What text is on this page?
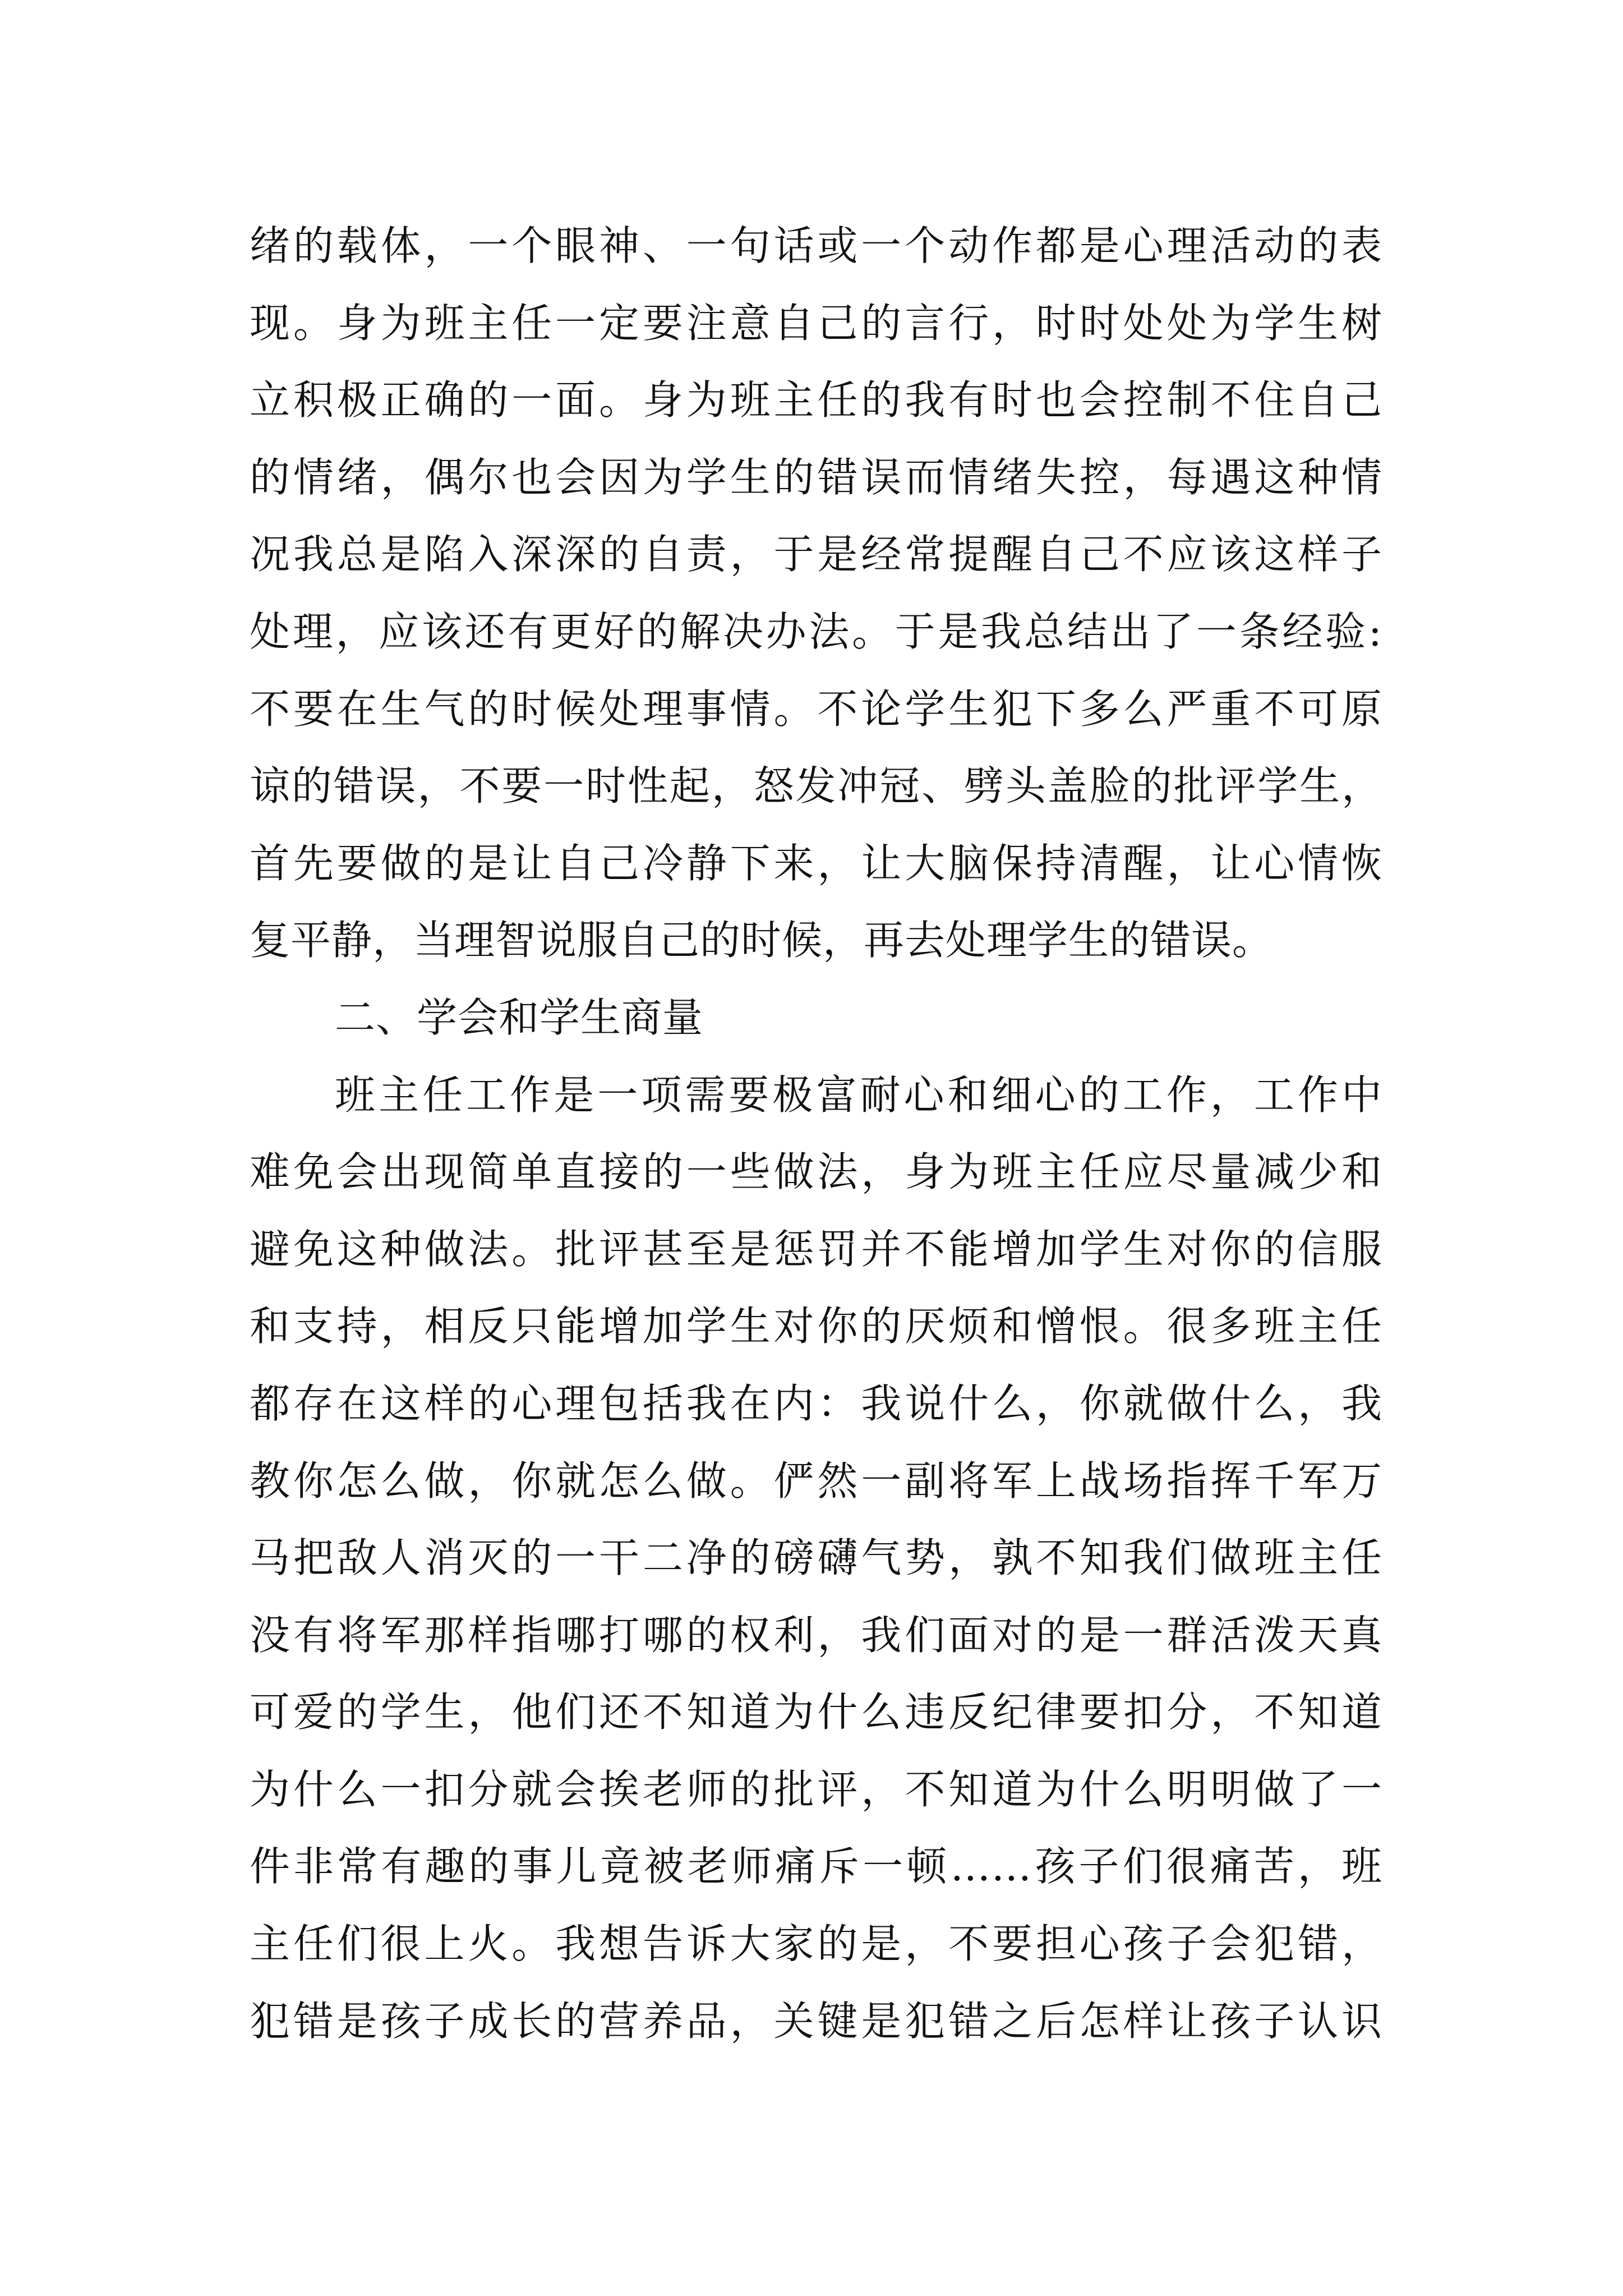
绪的载体，一个眼神、一句话或一个动作都是心理活动的表
现。身为班主任一定要注意自己的言行，时时处处为学生树
立积极正确的一面。身为班主任的我有时也会控制不住自己
的情绪，偶尔也会因为学生的错误而情绪失控，每遇这种情
况我总是陷入深深的自责，于是经常提醒自己不应该这样子
处理，应该还有更好的解决办法。于是我总结出了一条经验:
不要在生气的时候处理事情。不论学生犯下多么严重不可原
谅的错误，不要一时性起，怒发冲冠、劈头盖脸的批评学生，
首先要做的是让自己冷静下来，让大脑保持清醒，让心情恢
复平静，当理智说服自己的时候，再去处理学生的错误。
二、学会和学生商量
班主任工作是一项需要极富耐心和细心的工作，工作中
难免会出现简单直接的一些做法，身为班主任应尽量减少和
避免这种做法。批评甚至是惩罚并不能增加学生对你的信服
和支持，相反只能增加学生对你的厌烦和憎恨。很多班主任
都存在这样的心理包括我在内：我说什么，你就做什么，我
教你怎么做，你就怎么做。俨然一副将军上战场指挥千军万
马把敌人消灭的一干二净的磅礴气势，孰不知我们做班主任
没有将军那样指哪打哪的权利，我们面对的是一群活泼天真
可爱的学生，他们还不知道为什么违反纪律要扣分，不知道
为什么一扣分就会挨老师的批评，不知道为什么明明做了一
件非常有趣的事儿竟被老师痛斥一顿……孩子们很痛苦，班
主任们很上火。我想告诉大家的是，不要担心孩子会犯错，
犯错是孩子成长的营养品，关键是犯错之后怎样让孩子认识
